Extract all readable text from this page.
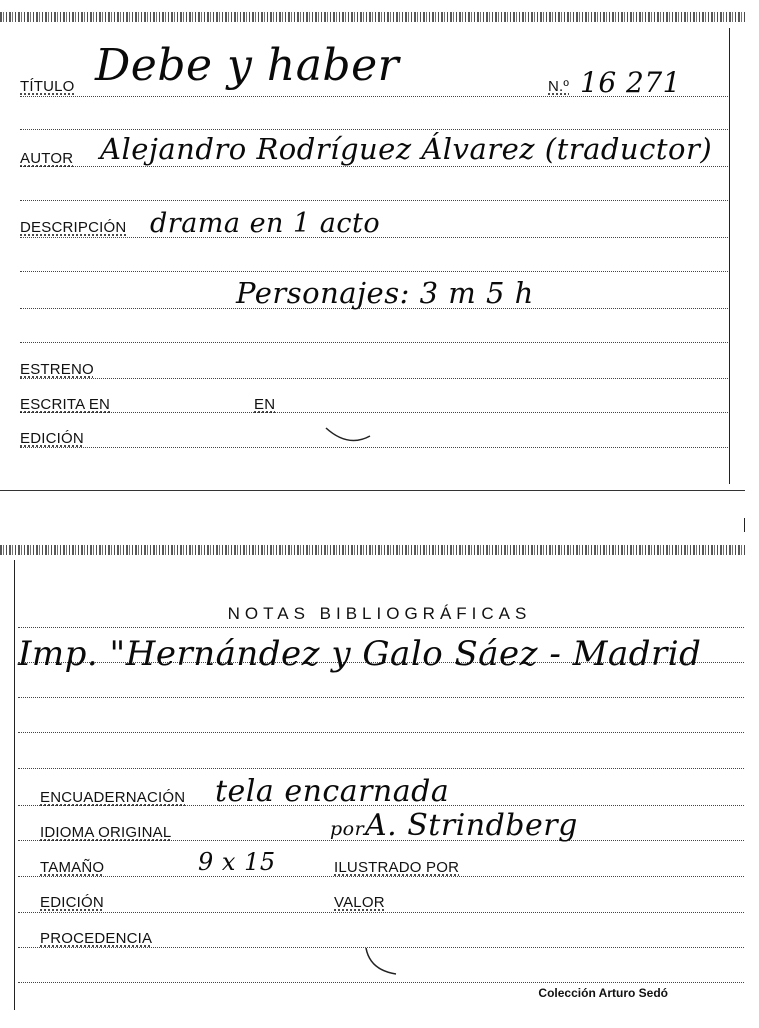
TÍTULO Debe y haber	N.º 16 271
AUTOR Alejandro Rodríguez Álvarez (traductor)
DESCRIPCIÓN drama en 1 acto
Personajes: 3 m 5 h
ESTRENO
ESCRITA EN	EN
EDICIÓN
NOTAS BIBLIOGRÁFICAS
Imp. "Hernández y Galo Sáez - Madrid
ENCUADERNACIÓN tela encarnada
IDIOMA ORIGINAL	por A. Strindberg
TAMAÑO	9 x 15	ILUSTRADO POR
EDICIÓN	VALOR
PROCEDENCIA
Colección Arturo Sedó
